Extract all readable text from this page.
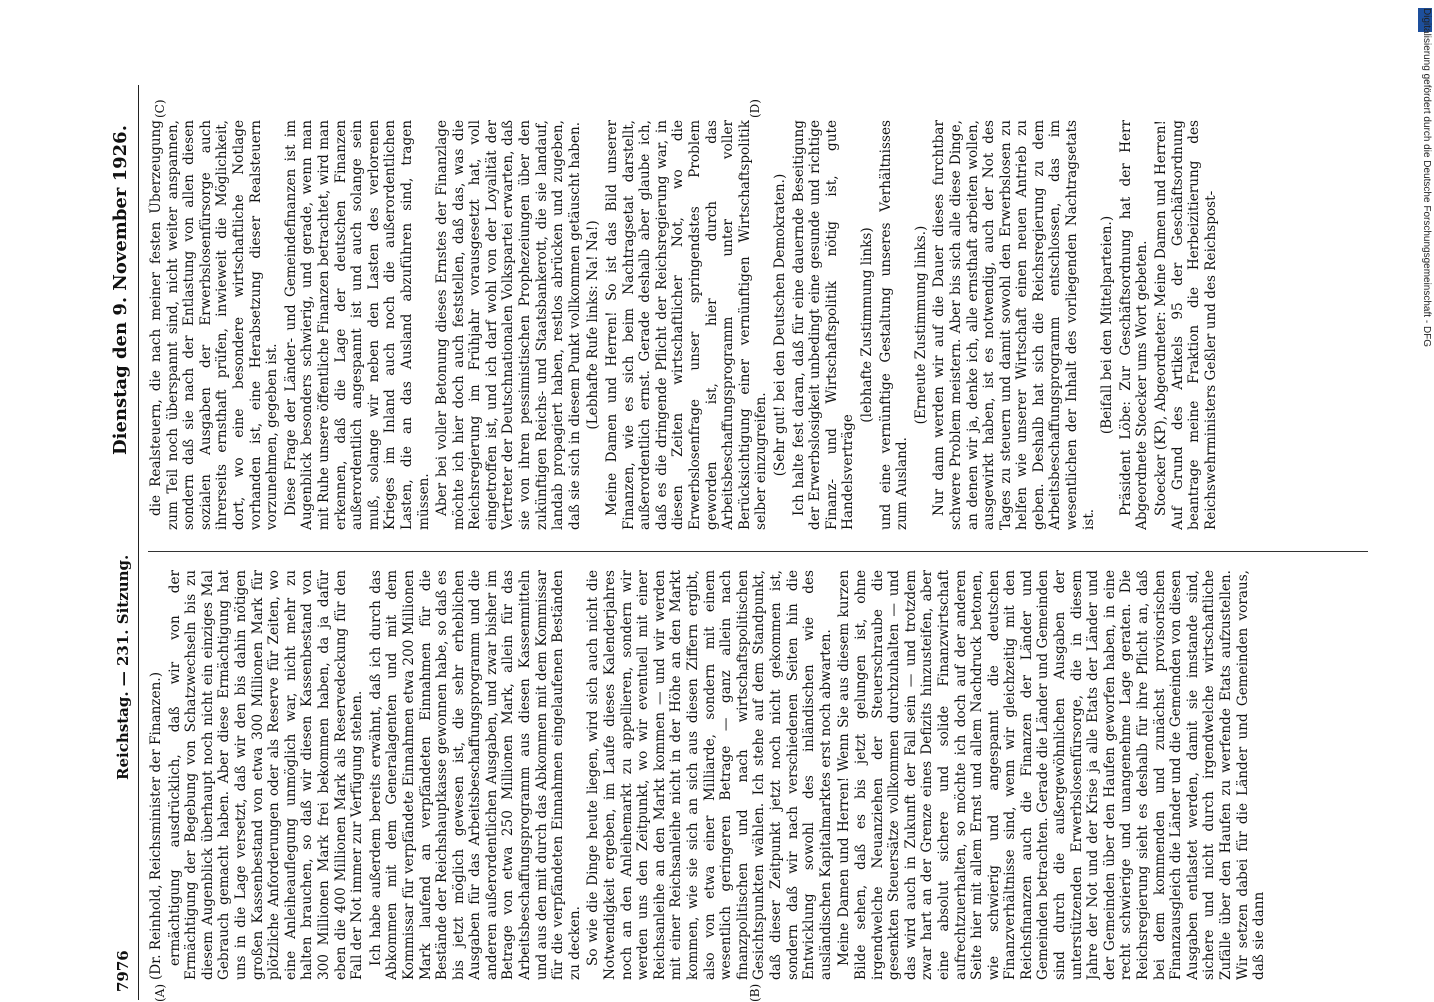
7976
Reichstag. — 231. Sitzung.
Dienstag den 9. November 1926.

(Dr. Reinhold, Reichsminister der Finanzen.) ermächtigung ausdrücklich, daß wir von der Ermächtigung der Begebung von Schatzwechseln bis zu diesem Augenblick überhaupt noch nicht ein einziges Mal Gebrauch gemacht haben. Aber diese Ermächtigung hat uns in die Lage versetzt, daß wir den bis dahin nötigen großen Kassenbestand von etwa 300 Millionen Mark für plötzliche Anforderungen oder als Reserve für Zeiten, wo eine Anleiheauflegung unmöglich war, nicht mehr zu halten brauchen, so daß wir diesen Kassenbestand von 300 Millionen Mark frei bekommen haben, da ja dafür eben die 400 Millionen Mark als Reservedeckung für den Fall der Not immer zur Verfügung stehen. Ich habe außerdem bereits erwähnt, daß ich durch das Abkommen mit dem Generalagenten und mit dem Kommissar für verpfändete Einnahmen etwa 200 Millionen Mark laufend an verpfändeten Einnahmen für die Bestände der Reichshauptkasse gewonnen habe, so daß es bis jetzt möglich gewesen ist, die sehr erheblichen Ausgaben für das Arbeitsbeschaffungsprogramm und die anderen außerordentlichen Ausgaben, und zwar bisher im Betrage von etwa 250 Millionen Mark, allein für das Arbeitsbeschaffungsprogramm aus diesen Kassenmitteln und aus den mit durch das Abkommen mit dem Kommissar für die verpfändeten Einnahmen eingelaufenen Beständen zu decken. So wie die Dinge heute liegen, wird sich auch nicht die Notwendigkeit ergeben, im Laufe dieses Kalenderjahres noch an den Anleihemarkt zu appellieren, sondern wir werden uns den Zeitpunkt, wo wir eventuell mit einer Reichsanleihe an den Markt kommen — und wir werden mit einer Reichsanleihe nicht in der Höhe an den Markt kommen, wie sie sich an sich aus diesen Ziffern ergibt, also von etwa einer Milliarde, sondern mit einem wesentlich geringeren Betrage — ganz allein nach finanzpolitischen und nach wirtschaftspolitischen Gesichtspunkten wählen. Ich stehe auf dem Standpunkt, daß dieser Zeitpunkt jetzt noch nicht gekommen ist, sondern daß wir nach verschiedenen Seiten hin die Entwicklung sowohl des inländischen wie des ausländischen Kapitalmarktes erst noch abwarten. Meine Damen und Herren! Wenn Sie aus diesem kurzen Bilde sehen, daß es bis jetzt gelungen ist, ohne irgendwelche Neuanziehen der Steuerschraube die gesenkten Steuersätze vollkommen durchzuhalten — und das wird auch in Zukunft der Fall sein — und trotzdem zwar hart an der Grenze eines Defizits hinzusteifen, aber eine absolut sichere und solide Finanzwirtschaft aufrechtzuerhalten, so möchte ich doch auf der anderen Seite hier mit allem Ernst und allem Nachdruck betonen, wie schwierig und angespannt die deutschen Finanzverhältnisse sind, wenn wir gleichzeitig mit den Reichsfinanzen auch die Finanzen der Länder und Gemeinden betrachten. Gerade die Länder und Gemeinden sind durch die außergewöhnlichen Ausgaben der unterstützenden Erwerbslosenfürsorge, die in diesem Jahre der Not und der Krise ja alle Etats der Länder und der Gemeinden über den Haufen geworfen haben, in eine recht schwierige und unangenehme Lage geraten. Die Reichsregierung sieht es deshalb für ihre Pflicht an, daß bei dem kommenden und zunächst provisorischen Finanzausgleich die Länder und die Gemeinden von diesen Ausgaben entlastet werden, damit sie imstande sind, sichere und nicht durch irgendwelche wirtschaftliche Zufälle über den Haufen zu werfende Etats aufzustellen. Wir setzen dabei für die Länder und Gemeinden voraus, daß sie dann

die Realsteuern, die nach meiner festen Überzeugung zum Teil noch überspannt sind, nicht weiter anspannen, sondern daß sie nach der Entlastung von allen diesen sozialen Ausgaben der Erwerbslosenfürsorge auch ihrerseits ernsthaft prüfen, inwieweit die Möglichkeit, dort, wo eine besondere wirtschaftliche Notlage vorhanden ist, eine Herabsetzung dieser Realsteuern vorzunehmen, gegeben ist. Diese Frage der Länder- und Gemeindefinanzen ist im Augenblick besonders schwierig, und gerade, wenn man mit Ruhe unsere öffentliche Finanzen betrachtet, wird man erkennen, daß die Lage der deutschen Finanzen außerordentlich angespannt ist und auch solange sein muß, solange wir neben den Lasten des verlorenen Krieges im Inland auch noch die außerordentlichen Lasten, die an das Ausland abzuführen sind, tragen müssen. Aber bei voller Betonung dieses Ernstes der Finanzlage möchte ich hier doch auch feststellen, daß das, was die Reichsregierung im Frühjahr vorausgesetzt hat, voll eingetroffen ist, und ich darf wohl von der Loyalität der Vertreter der Deutschnationalen Volkspartei erwarten, daß sie von ihren pessimistischen Prophezeiungen über den zukünftigen Reichs- und Staatsbankerott, die sie landauf, landab propagiert haben, restlos abrücken und zugeben, daß sie sich in diesem Punkt vollkommen getäuscht haben. (Lebhafte Rufe links: Na! Na!) Meine Damen und Herren! So ist das Bild unserer Finanzen, wie es sich beim Nachtragsetat darstellt, außerordentlich ernst. Gerade deshalb aber glaube ich, daß es die dringende Pflicht der Reichsregierung war, in diesen Zeiten wirtschaftlicher Not, wo die Erwerbslosenfrage unser springendstes Problem geworden ist, hier durch das Arbeitsbeschaffungsprogramm unter voller Berücksichtigung einer vernünftigen Wirtschaftspolitik selber einzugreifen. (Sehr gut! bei den Deutschen Demokraten.) Ich halte fest daran, daß für eine dauernde Beseitigung der Erwerbslosigkeit unbedingt eine gesunde und richtige Finanz- und Wirtschaftspolitik nötig ist, gute Handelsverträge

(lebhafte Zustimmung links) und eine vernünftige Gestaltung unseres Verhältnisses zum Ausland.

(Erneute Zustimmung links.) Nur dann werden wir auf die Dauer dieses furchtbar schwere Problem meistern. Aber bis sich alle diese Dinge, an denen wir ja, denke ich, alle ernsthaft arbeiten wollen, ausgewirkt haben, ist es notwendig, auch der Not des Tages zu steuern und damit sowohl den Erwerbslosen zu helfen wie unserer Wirtschaft einen neuen Antrieb zu geben. Deshalb hat sich die Reichsregierung zu dem Arbeitsbeschaffungsprogramm entschlossen, das im wesentlichen der Inhalt des vorliegenden Nachtragsetats ist.

(Beifall bei den Mittelparteien.) Präsident Löbe: Zur Geschäftsordnung hat der Herr Abgeordnete Stoecker ums Wort gebeten. Stoecker (KP), Abgeordneter: Meine Damen und Herren! Auf Grund des Artikels 95 der Geschäftsordnung beantrage meine Fraktion die Herbeizitierung des Reichswehrministers Geßler und des Reichspost-

(A)	(B)
(C)	(D)	Digitalisierung gefördert durch die Deutsche Forschungsgemeinschaft - DFG
